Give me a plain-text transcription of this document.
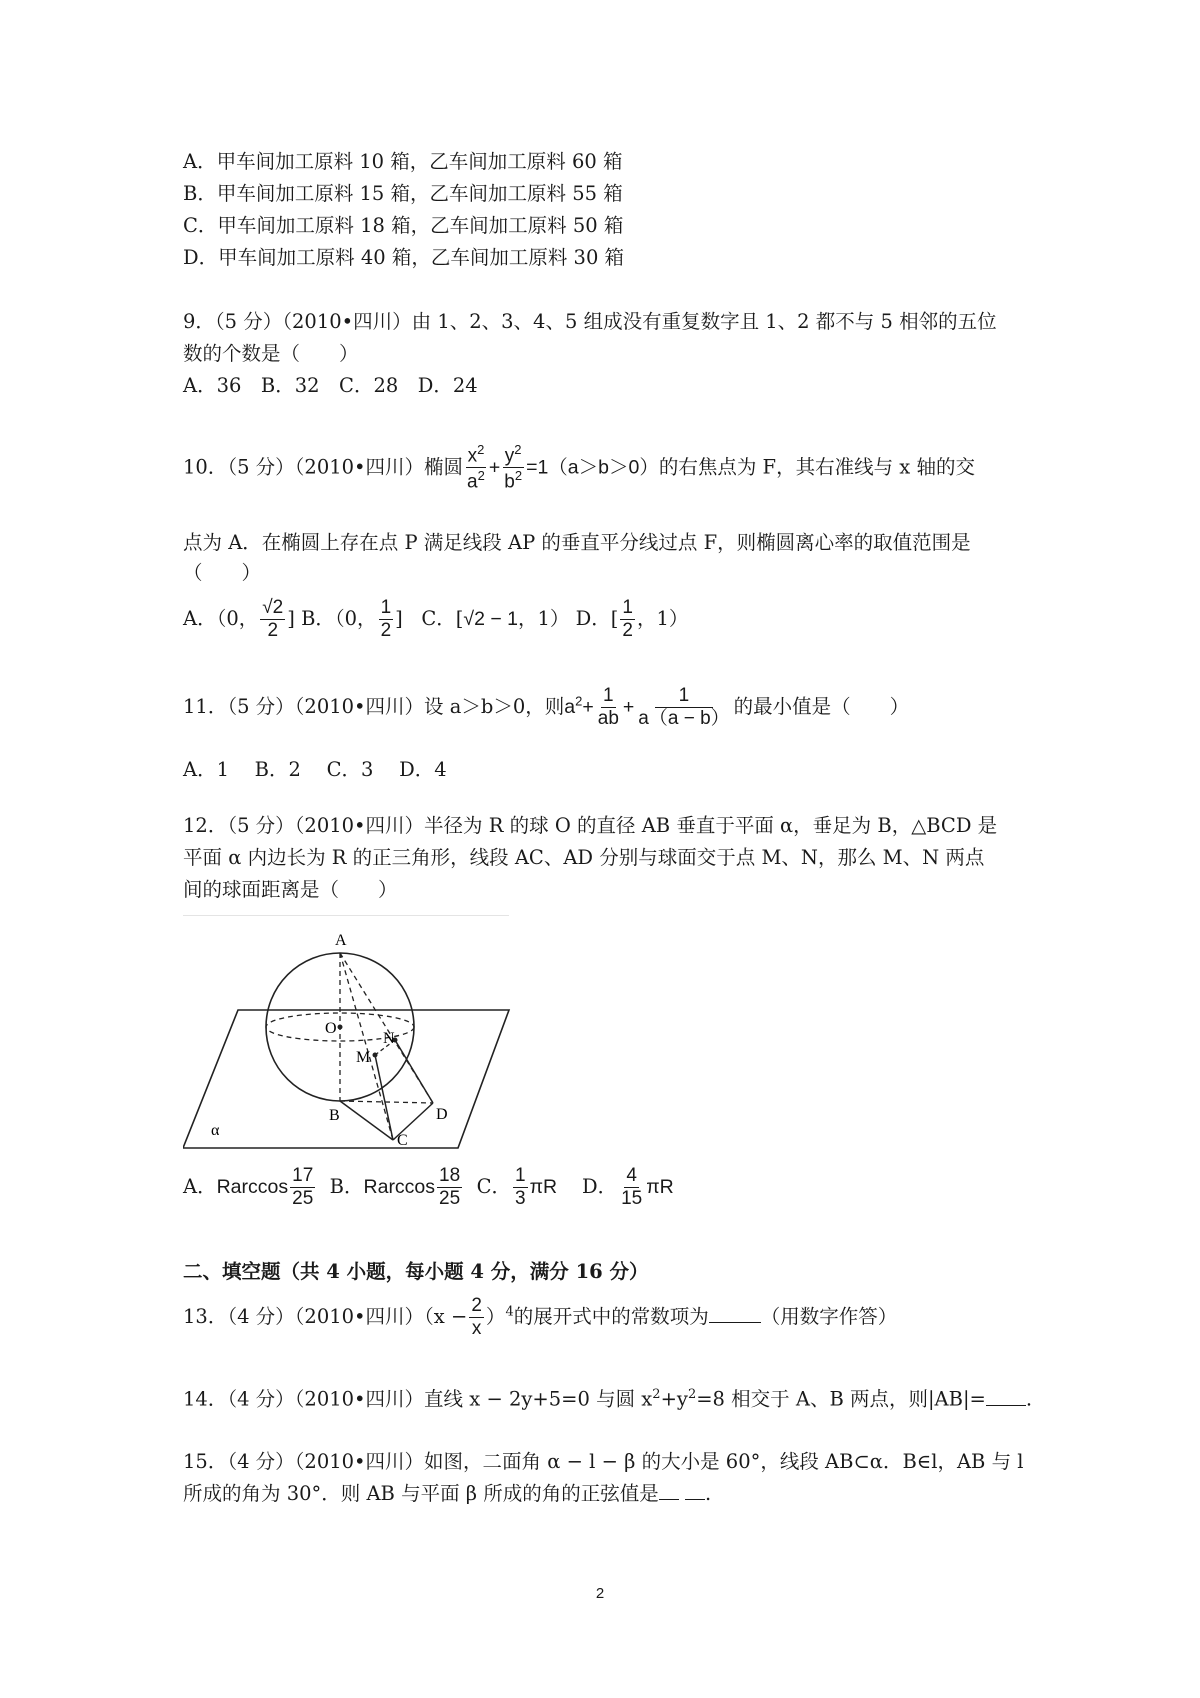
A．甲车间加工原料 10 箱，乙车间加工原料 60 箱
B．甲车间加工原料 15 箱，乙车间加工原料 55 箱
C．甲车间加工原料 18 箱，乙车间加工原料 50 箱
D．甲车间加工原料 40 箱，乙车间加工原料 30 箱
9．（5 分）（2010•四川）由 1、2、3、4、5 组成没有重复数字且 1、2 都不与 5 相邻的五位
数的个数是（　　）
A．36　B．32　C．28　D．24
10．（5 分）（2010•四川）椭圆 $\frac{x^2}{a^2} + \frac{y^2}{b^2} =1(a>b>0)$的右焦点为 F，其右准线与 x 轴的交
点为 A．在椭圆上存在点 P 满足线段 AP 的垂直平分线过点 F，则椭圆离心率的取值范围是
（　　）
A．（0， $\frac{√2}{2}$ ] B．（0， $\frac{1}{2}$ ] C．[√2 − 1，1） D．[ $\frac{1}{2}$ ，1）
11．（5 分）（2010•四川）设 a＞b＞0，则$a^2+ \frac{1}{ab} + \frac{1}{a(a - b)}$ 的最小值是（　　）
A．1　 B．2　 C．3　 D．4
12．（5 分）（2010•四川）半径为 R 的球 O 的直径 AB 垂直于平面 α，垂足为 B，△BCD 是
平面 α 内边长为 R 的正三角形，线段 AC、AD 分别与球面交于点 M、N，那么 M、N 两点
间的球面距离是（　　）
A
O
M
N
B
C
D
α
A．Rarccos $\frac{17}{25}$ B．Rarccos $\frac{18}{25}$ C． $\frac{1}{3}$ πR D． $\frac{4}{15}$ πR
二、填空题（共 4 小题，每小题 4 分，满分 16 分）
13．（4 分）（2010•四川）$(x - \frac{2}{x} )^4$的展开式中的常数项为	（用数字作答）
14．（4 分）（2010•四川）直线 x − 2y+5=0 与圆 $x^2+y^2=8$ 相交于 A、B 两点，则|AB|= .
15．（4 分）（2010•四川）如图，二面角 α − l − β 的大小是 60°，线段 AB⊂α．B∈l，AB 与 l
所成的角为 30°．则 AB 与平面 β 所成的角的正弦值是 .
2
